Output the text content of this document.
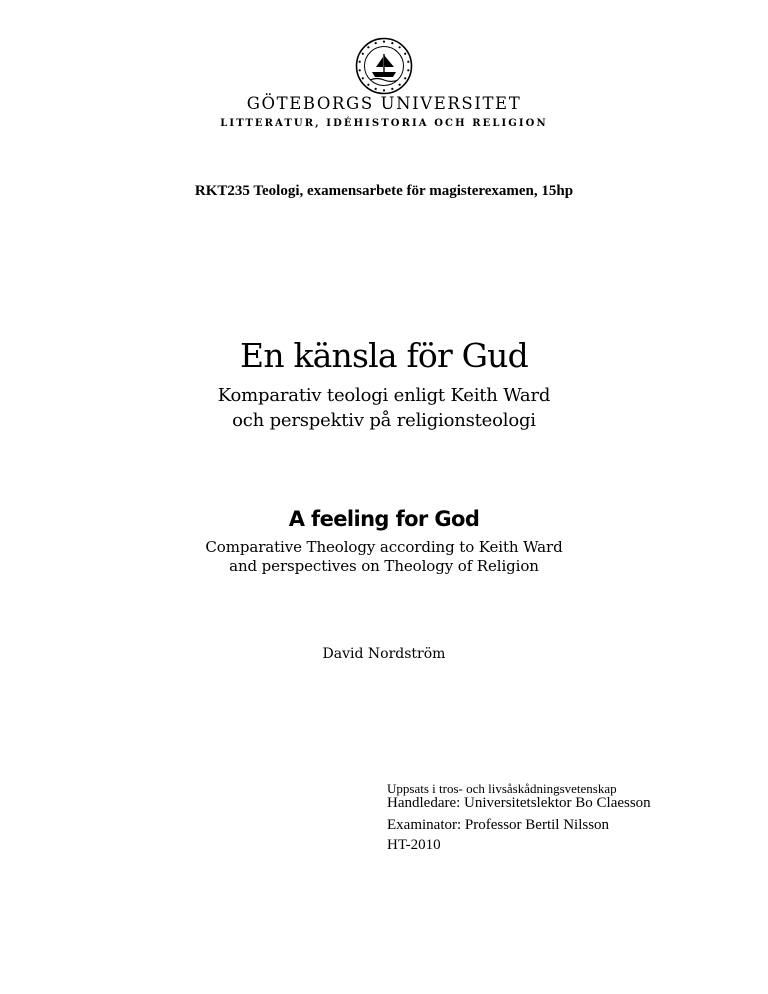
GÖTEBORGS UNIVERSITET
LITTERATUR, IDÉHISTORIA OCH RELIGION
RKT235 Teologi, examensarbete för magisterexamen, 15hp
En känsla för Gud
Komparativ teologi enligt Keith Ward
och perspektiv på religionsteologi
A feeling for God
Comparative Theology according to Keith Ward
and perspectives on Theology of Religion
David Nordström
Uppsats i tros- och livsåskådningsvetenskap
Handledare: Universitetslektor Bo Claesson
Examinator: Professor Bertil Nilsson
HT-2010
